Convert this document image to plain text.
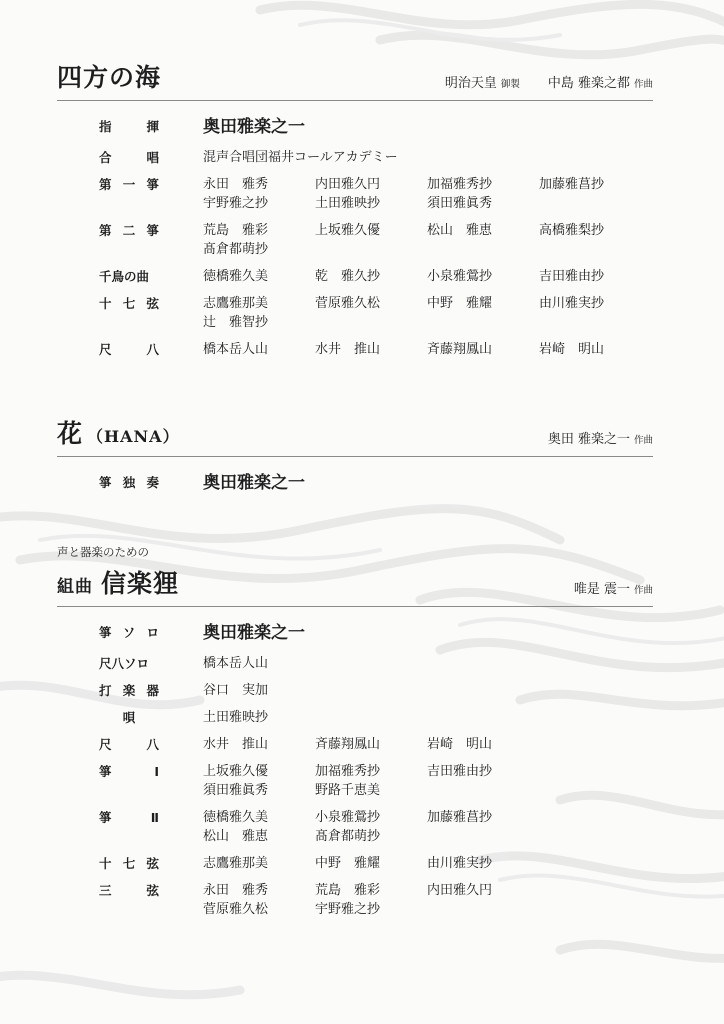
四方の海	明治天皇 御製 中島 雅楽之都 作曲
指	揮	奥田雅楽之一
合	唱	混声合唱団福井コールアカデミー
第 一 箏	永田　雅秀	内田雅久円	加福雅秀抄	加藤雅菖抄
宇野雅之抄	土田雅映抄	須田雅眞秀
第 二 箏	荒島　雅彩	上坂雅久優	松山　雅恵	高橋雅梨抄
髙倉都萌抄
千鳥の曲	徳橋雅久美	乾　雅久抄	小泉雅鶯抄	吉田雅由抄
十 七 弦	志鷹雅那美	菅原雅久松	中野　雅耀	由川雅実抄
辻　雅智抄
尺	八	橋本岳人山	水井　推山	斉藤翔鳳山	岩崎　明山
花 （HANA）	奥田 雅楽之一 作曲
箏 独 奏	奥田雅楽之一
声と器楽のための
組曲 信楽狸	唯是 震一 作曲
箏 ソ ロ	奥田雅楽之一
尺八ソロ	橋本岳人山
打 楽 器	谷口　実加
唄	土田雅映抄
尺	八	水井　推山	斉藤翔鳳山	岩崎　明山
箏	Ⅰ	上坂雅久優	加福雅秀抄	吉田雅由抄
須田雅眞秀	野路千恵美
箏	Ⅱ	徳橋雅久美	小泉雅鶯抄	加藤雅菖抄
松山　雅恵	髙倉都萌抄
十 七 弦	志鷹雅那美	中野　雅耀	由川雅実抄
三	弦	永田　雅秀	荒島　雅彩	内田雅久円
菅原雅久松	宇野雅之抄
